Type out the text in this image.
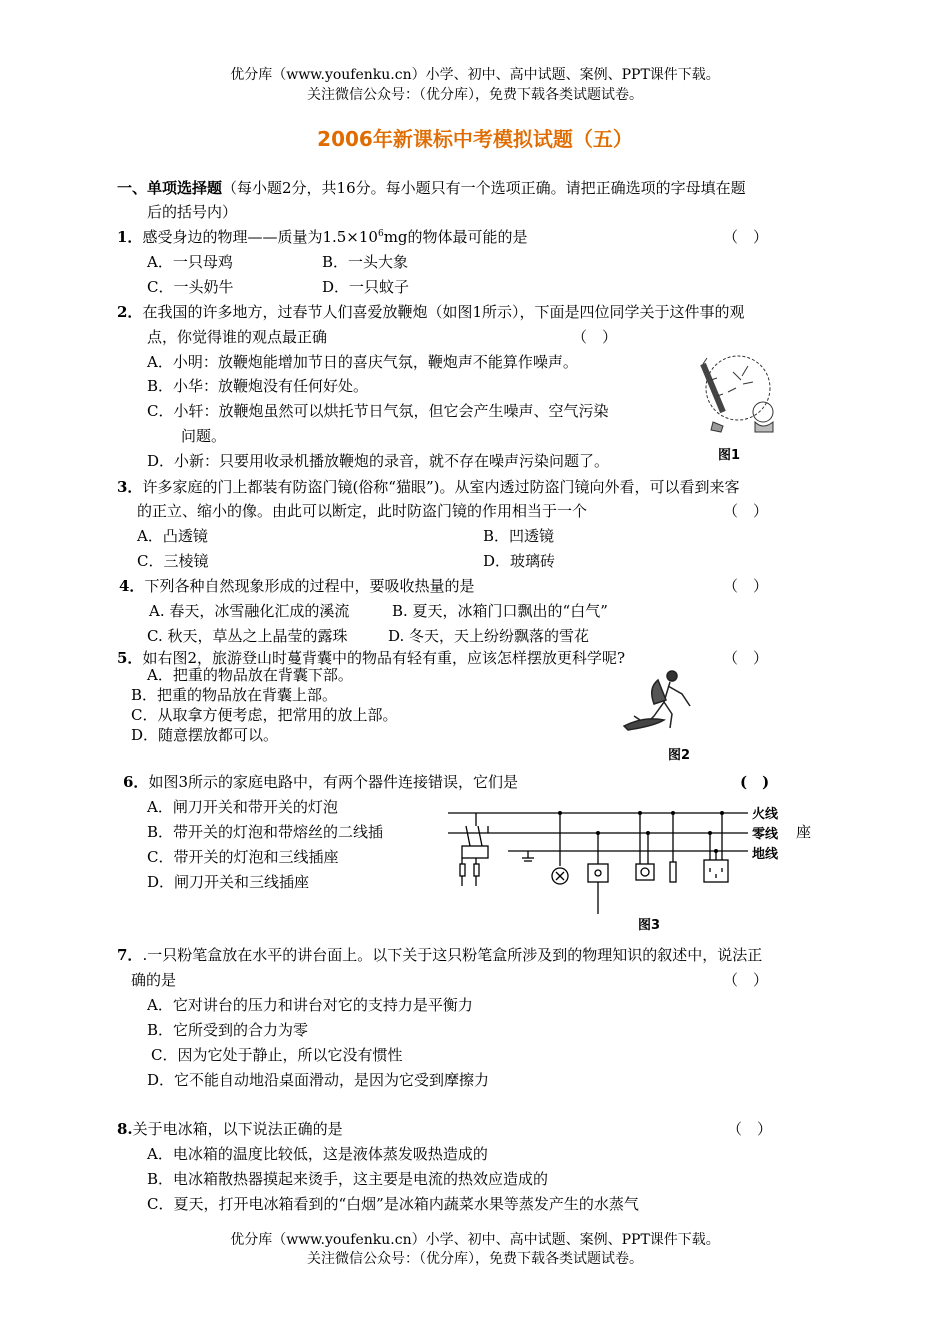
优分库（www.youfenku.cn）小学、初中、高中试题、案例、PPT课件下载。
关注微信公众号：（优分库），免费下载各类试题试卷。
2006年新课标中考模拟试题（五）
一、单项选择题（每小题2分，共16分。每小题只有一个选项正确。请把正确选项的字母填在题
后的括号内）
1．感受身边的物理——质量为$1.5\times 10^6mg$的物体最可能的是	（　）
A．一只母鸡	B．一头大象
C．一头奶牛	D．一只蚊子
2．在我国的许多地方，过春节人们喜爱放鞭炮（如图1所示），下面是四位同学关于这件事的观
点，你觉得谁的观点最正确	（　）
A．小明：放鞭炮能增加节日的喜庆气氛，鞭炮声不能算作噪声。
B．小华：放鞭炮没有任何好处。
C．小轩：放鞭炮虽然可以烘托节日气氛，但它会产生噪声、空气污染
问题。
D．小新：只要用收录机播放鞭炮的录音，就不存在噪声污染问题了。	图1
3．许多家庭的门上都装有防盗门镜(俗称“猫眼”)。从室内透过防盗门镜向外看，可以看到来客
的正立、缩小的像。由此可以断定，此时防盗门镜的作用相当于一个	（　）
A．凸透镜	B．凹透镜
C．三棱镜	D．玻璃砖
4．下列各种自然现象形成的过程中，要吸收热量的是	（　）
A. 春天，冰雪融化汇成的溪流	B. 夏天，冰箱门口飘出的“白气”
C. 秋天，草丛之上晶莹的露珠	D. 冬天，天上纷纷飘落的雪花
5．如右图2，旅游登山时蔓背囊中的物品有轻有重，应该怎样摆放更科学呢?	（　）
A．把重的物品放在背囊下部。
B．把重的物品放在背囊上部。
C．从取拿方便考虑，把常用的放上部。
D．随意摆放都可以。
图2
6．如图3所示的家庭电路中，有两个器件连接错误，它们是	(　)
A．闸刀开关和带开关的灯泡
B．带开关的灯泡和带熔丝的二线插	座
C．带开关的灯泡和三线插座
D．闸刀开关和三线插座
火线
零线
地线
图3
7．.一只粉笔盒放在水平的讲台面上。以下关于这只粉笔盒所涉及到的物理知识的叙述中，说法正
确的是	（　）
A．它对讲台的压力和讲台对它的支持力是平衡力
B．它所受到的合力为零
C．因为它处于静止，所以它没有惯性
D．它不能自动地沿桌面滑动，是因为它受到摩擦力
8.关于电冰箱，以下说法正确的是	（　）
A．电冰箱的温度比较低，这是液体蒸发吸热造成的
B．电冰箱散热器摸起来烫手，这主要是电流的热效应造成的
C．夏天，打开电冰箱看到的“白烟”是冰箱内蔬菜水果等蒸发产生的水蒸气
优分库（www.youfenku.cn）小学、初中、高中试题、案例、PPT课件下载。
关注微信公众号：（优分库），免费下载各类试题试卷。
